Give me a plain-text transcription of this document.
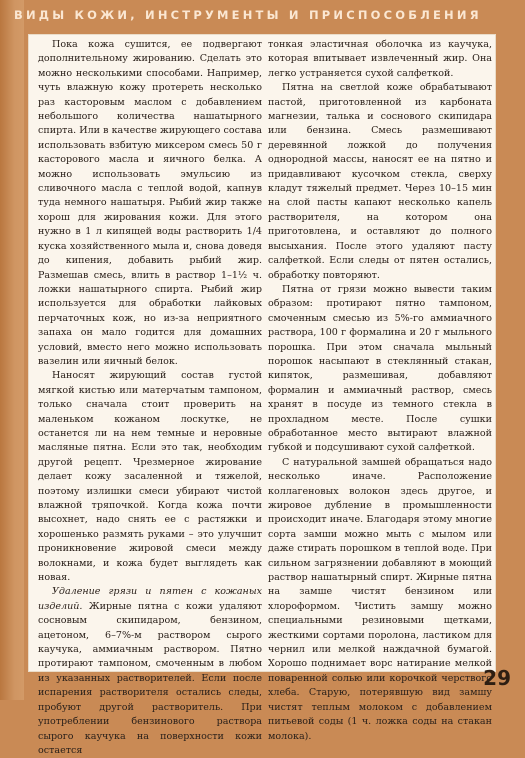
ВИДЫ КОЖИ, ИНСТРУМЕНТЫ И ПРИСПОСОБЛЕНИЯ

Пока кожа сушится, ее подвергают дополнительному жированию. Сделать это можно несколькими способами. Например, чуть влажную кожу протереть несколько раз касторовым маслом с добавлением небольшого количества нашатырного спирта. Или в качестве жирующего состава использовать взбитую миксером смесь 50 г касторового масла и яичного белка. А можно использовать эмульсию из сливочного масла с теплой водой, капнув туда немного нашатыря. Рыбий жир также хорош для жирования кожи. Для этого нужно в 1 л кипящей воды растворить 1/4 куска хозяйственного мыла и, снова доведя до кипения, добавить рыбий жир. Размешав смесь, влить в раствор 1–1½ ч. ложки нашатырного спирта. Рыбий жир используется для обработки лайковых перчаточных кож, но из-за неприятного запаха он мало годится для домашних условий, вместо него можно использовать вазелин или яичный белок.

Наносят жирующий состав густой мягкой кистью или матерчатым тампоном, только сначала стоит проверить на маленьком кожаном лоскутке, не останется ли на нем темные и неровные масляные пятна. Если это так, необходим другой рецепт. Чрезмерное жирование делает кожу засаленной и тяжелой, поэтому излишки смеси убирают чистой влажной тряпочкой. Когда кожа почти высохнет, надо снять ее с растяжки и хорошенько размять руками – это улучшит проникновение жировой смеси между волокнами, и кожа будет выглядеть как новая.

Удаление грязи и пятен с кожаных изделий. Жирные пятна с кожи удаляют сосновым скипидаром, бензином, ацетоном, 6–7%-м раствором сырого каучука, аммиачным раствором. Пятно протирают тампоном, смоченным в любом из указанных растворителей. Если после испарения растворителя остались следы, пробуют другой растворитель. При употреблении бензинового раствора сырого каучука на поверхности кожи остается

тонкая эластичная оболочка из каучука, которая впитывает извлеченный жир. Она легко устраняется сухой салфеткой.

Пятна на светлой коже обрабатывают пастой, приготовленной из карбоната магнезии, талька и соснового скипидара или бензина. Смесь размешивают деревянной ложкой до получения однородной массы, наносят ее на пятно и придавливают кусочком стекла, сверху кладут тяжелый предмет. Через 10–15 мин на слой пасты капают несколько капель растворителя, на котором она приготовлена, и оставляют до полного высыхания. После этого удаляют пасту салфеткой. Если следы от пятен остались, обработку повторяют.

Пятна от грязи можно вывести таким образом: протирают пятно тампоном, смоченным смесью из 5%-го аммиачного раствора, 100 г формалина и 20 г мыльного порошка. При этом сначала мыльный порошок насыпают в стеклянный стакан, кипяток, размешивая, добавляют формалин и аммиачный раствор, смесь хранят в посуде из темного стекла в прохладном месте. После сушки обработанное место вытирают влажной губкой и подсушивают сухой салфеткой.

С натуральной замшей обращаться надо несколько иначе. Расположение коллагеновых волокон здесь другое, и жировое дубление в промышленности происходит иначе. Благодаря этому многие сорта замши можно мыть с мылом или даже стирать порошком в теплой воде. При сильном загрязнении добавляют в моющий раствор нашатырный спирт. Жирные пятна на замше чистят бензином или хлороформом. Чистить замшу можно специальными резиновыми щетками, жесткими сортами поролона, ластиком для чернил или мелкой наждачной бумагой. Хорошо поднимает ворс натирание мелкой поваренной солью или корочкой черствого хлеба. Старую, потерявшую вид замшу чистят теплым молоком с добавлением питьевой соды (1 ч. ложка соды на стакан молока).

29
